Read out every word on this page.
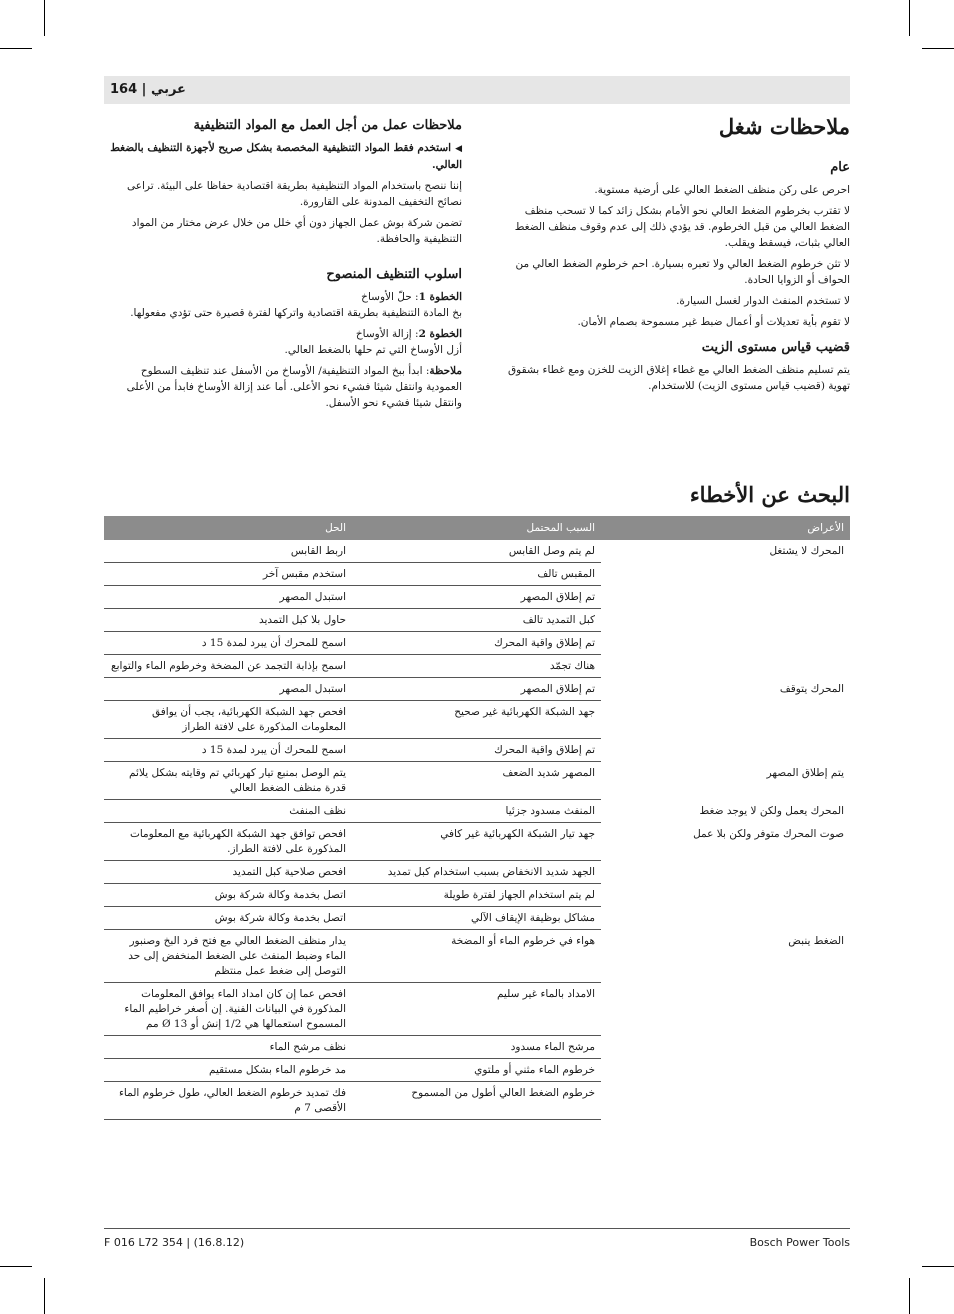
164 | عربي
ملاحظات شغل
عام

احرص على ركن منظف الضغط العالي على أرضية مستوية.

لا تقترب بخرطوم الضغط العالي نحو الأمام بشكل زائد كما لا تسحب منظف الضغط العالي من قبل الخرطوم. قد يؤدي ذلك إلى عدم وقوف منظف الضغط العالي بثبات، فيسقط ويقلب.

لا تثن خرطوم الضغط العالي ولا تعبره بسيارة. احم خرطوم الضغط العالي من الحواف أو الزوايا الحادة.

لا تستخدم المنفث الدوار لغسل السيارة.

لا تقوم بأية تعديلات أو أعمال ضبط غير مسموحة بصمام الأمان.

قضيب قياس مستوى الزيت

يتم تسليم منظف الضغط العالي مع غطاء إغلاق الزيت للخزن ومع غطاء بشقوق تهوية (قضيب قياس مستوى الزيت) للاستخدام.

ملاحظات عمل من أجل العمل مع المواد التنظيفية

◀استخدم فقط المواد التنظيفية المخصصة بشكل صريح لأجهزة التنظيف بالضغط العالي.

إننا ننصح باستخدام المواد التنظيفية بطريقة اقتصادية حفاظا على البيئة. تراعى نصائح التخفيف المدونة على القارورة.

تضمن شركة بوش عمل الجهاز دون أي خلل من خلال عرض مختار من المواد التنظيفية والحافظة.

اسلوب التنظيف المنصوح

الخطوة 1: حلّ الأوساخ

بخ المادة التنظيفية بطريقة اقتصادية واتركها لفترة قصيرة حتى تؤدي مفعولها.

الخطوة 2: إزالة الأوساخ

أزل الأوساخ التي تم حلها بالضغط العالي.

ملاحظة: ابدأ ببخ المواد التنظيفية/ الأوساخ من الأسفل عند تنظيف السطوح العمودية وانتقل شيئا فشيء نحو الأعلى. أما عند إزالة الأوساخ فابدأ من الأعلى وانتقل شيئا فشيء نحو الأسفل.

البحث عن الأخطاء
الأعراض	السبب المحتمل	الحل
المحرك لا يشتغل	لم يتم وصل القابس	اربط القابس
	المقبس تالف	استخدم مقبس آخر
	تم إطلاق المصهر	استبدل المصهر
	كبل التمديد تالف	حاول بلا كبل التمديد
	تم إطلاق واقية المحرك	اسمح للمحرك أن يبرد لمدة 15 د
	هناك تجمّد	اسمح بإذابة التجمد عن المضخة وخرطوم الماء والتوابع
المحرك يتوقف	تم إطلاق المصهر	استبدل المصهر
	جهد الشبكة الكهربائية غير صحيح	افحص جهد الشبكة الكهربائية، يجب أن يوافق المعلومات المذكورة على لافتة الطراز
	تم إطلاق واقية المحرك	اسمح للمحرك أن يبرد لمدة 15 د
يتم إطلاق المصهر	المصهر شديد الضعف	يتم الوصل بمنبع تيار كهربائي تم وقايته بشكل يلائم قدرة منظف الضغط العالي
المحرك يعمل ولكن لا يوجد ضغط	المنفث مسدود جزئيا	نظف المنفث
صوت المحرك متوفر ولكن بلا عمل	جهد تيار الشبكة الكهربائية غير كافي	افحص توافق جهد الشبكة الكهربائية مع المعلومات المذكورة على لافتة الطراز.
	الجهد شديد الانخفاض بسبب استخدام كبل تمديد	افحص صلاحية كبل التمديد
	لم يتم استخدام الجهاز لفترة طويلة	اتصل بخدمة وكالة شركة بوش
	مشاكل بوظيفة الإيقاف الآلي	اتصل بخدمة وكالة شركة بوش
الضغط ينبض	هواء في خرطوم الماء أو المضخة	يدار منظف الضغط العالي مع فتح فرد البخ وصنبور الماء وضبط المنفث على الضغط المنخفض إلى حد التوصل إلى ضغط عمل منتظم
	الامداد بالماء غير سليم	افحص عما إن كان امداد الماء يوافق المعلومات المذكورة في البيانات الفنية. إن أصغر خراطيم الماء المسموح استعمالها هي 1/2 إنش أو Ø 13 مم
	مرشح الماء مسدود	نظف مرشح الماء
	خرطوم الماء مثني أو ملتوي	مد خرطوم الماء بشكل مستقيم
	خرطوم الضغط العالي أطول من المسموح	فك تمديد خرطوم الضغط العالي، طول خرطوم الماء الأقصى 7 م
F 016 L72 354 | (16.8.12)	Bosch Power Tools
